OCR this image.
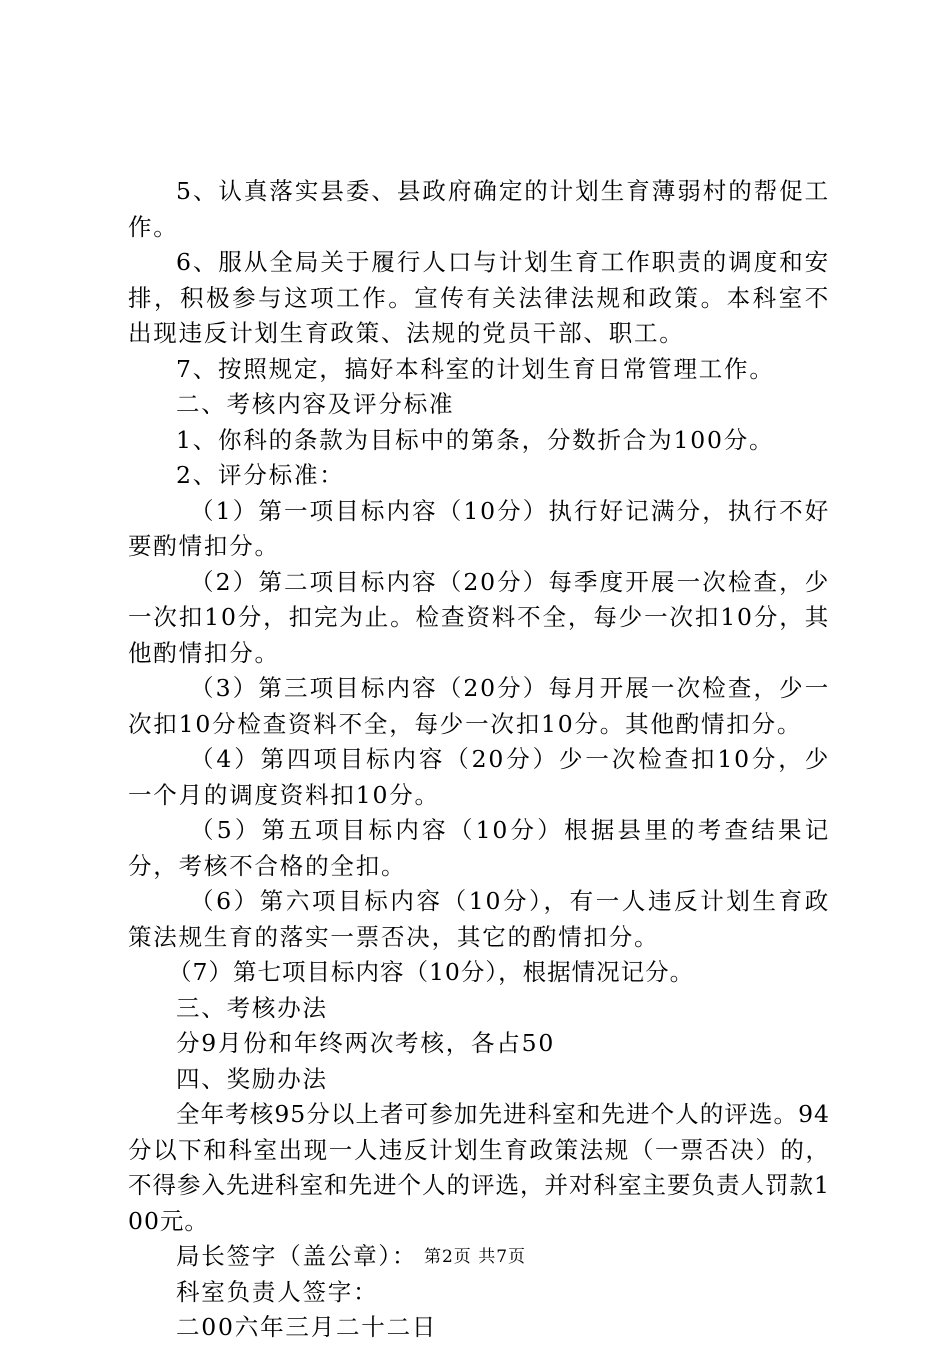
5、认真落实县委、县政府确定的计划生育薄弱村的帮促工作。

6、服从全局关于履行人口与计划生育工作职责的调度和安排，积极参与这项工作。宣传有关法律法规和政策。本科室不出现违反计划生育政策、法规的党员干部、职工。

7、按照规定，搞好本科室的计划生育日常管理工作。

二、考核内容及评分标准

1、你科的条款为目标中的第条，分数折合为100分。

2、评分标准：

（1）第一项目标内容（10分）执行好记满分，执行不好要酌情扣分。

（2）第二项目标内容（20分）每季度开展一次检查，少一次扣10分，扣完为止。检查资料不全，每少一次扣10分，其他酌情扣分。

（3）第三项目标内容（20分）每月开展一次检查，少一次扣10分检查资料不全，每少一次扣10分。其他酌情扣分。

（4）第四项目标内容（20分）少一次检查扣10分，少一个月的调度资料扣10分。

（5）第五项目标内容（10分）根据县里的考查结果记分，考核不合格的全扣。

（6）第六项目标内容（10分），有一人违反计划生育政策法规生育的落实一票否决，其它的酌情扣分。

（7）第七项目标内容（10分），根据情况记分。

三、考核办法

分9月份和年终两次考核，各占50

四、奖励办法

全年考核95分以上者可参加先进科室和先进个人的评选。94分以下和科室出现一人违反计划生育政策法规（一票否决）的，不得参入先进科室和先进个人的评选，并对科室主要负责人罚款100元。

局长签字（盖公章）：

科室负责人签字：

二00六年三月二十二日

第2页 共7页
